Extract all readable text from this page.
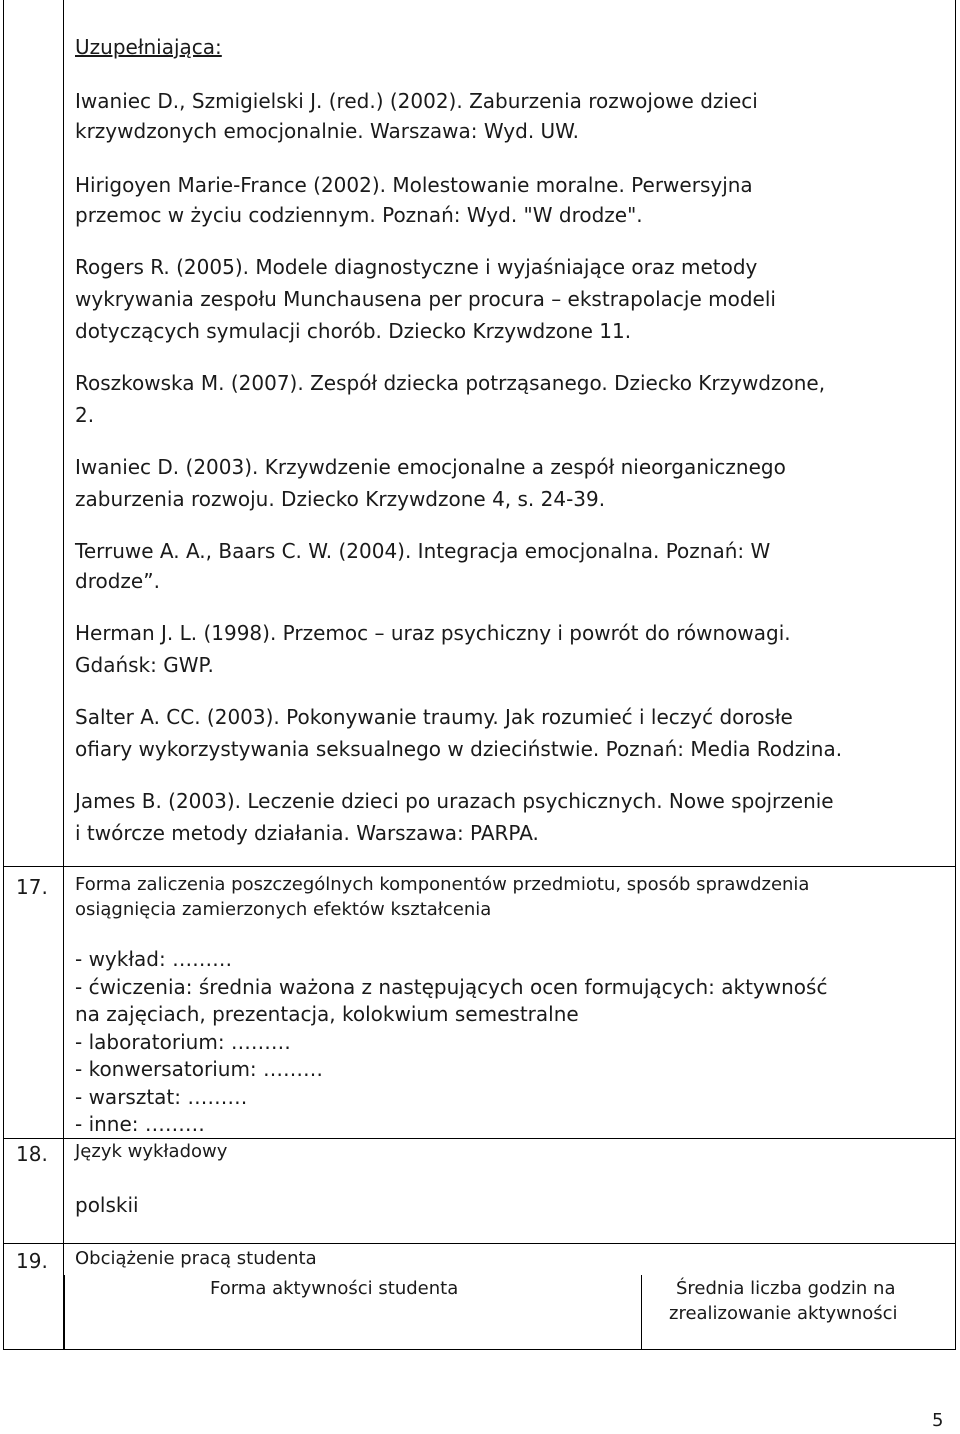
Uzupełniająca:
Iwaniec D., Szmigielski J. (red.) (2002). Zaburzenia rozwojowe dzieci
krzywdzonych emocjonalnie. Warszawa: Wyd. UW.
Hirigoyen Marie-France (2002). Molestowanie moralne. Perwersyjna
przemoc w życiu codziennym. Poznań: Wyd. "W drodze".
Rogers R. (2005). Modele diagnostyczne i wyjaśniające oraz metody
wykrywania zespołu Munchausena per procura – ekstrapolacje modeli
dotyczących symulacji chorób. Dziecko Krzywdzone 11.
Roszkowska M. (2007). Zespół dziecka potrząsanego. Dziecko Krzywdzone,
2.
Iwaniec D. (2003). Krzywdzenie emocjonalne a zespół nieorganicznego
zaburzenia rozwoju. Dziecko Krzywdzone 4, s. 24-39.
Terruwe A. A., Baars C. W. (2004). Integracja emocjonalna. Poznań: W
drodze”.
Herman J. L. (1998). Przemoc – uraz psychiczny i powrót do równowagi.
Gdańsk: GWP.
Salter A. CC. (2003). Pokonywanie traumy. Jak rozumieć i leczyć dorosłe
ofiary wykorzystywania seksualnego w dzieciństwie. Poznań: Media Rodzina.
James B. (2003). Leczenie dzieci po urazach psychicznych. Nowe spojrzenie
i twórcze metody działania. Warszawa: PARPA.
17. Forma zaliczenia poszczególnych komponentów przedmiotu, sposób sprawdzenia
osiągnięcia zamierzonych efektów kształcenia
- wykład: ………
- ćwiczenia: średnia ważona z następujących ocen formujących: aktywność
na zajęciach, prezentacja, kolokwium semestralne
- laboratorium: ………
- konwersatorium: ………
- warsztat: ………
- inne: ………
18. Język wykładowy
polskii
19. Obciążenie pracą studenta
Forma aktywności studenta	Średnia liczba godzin na
zrealizowanie aktywności
5
